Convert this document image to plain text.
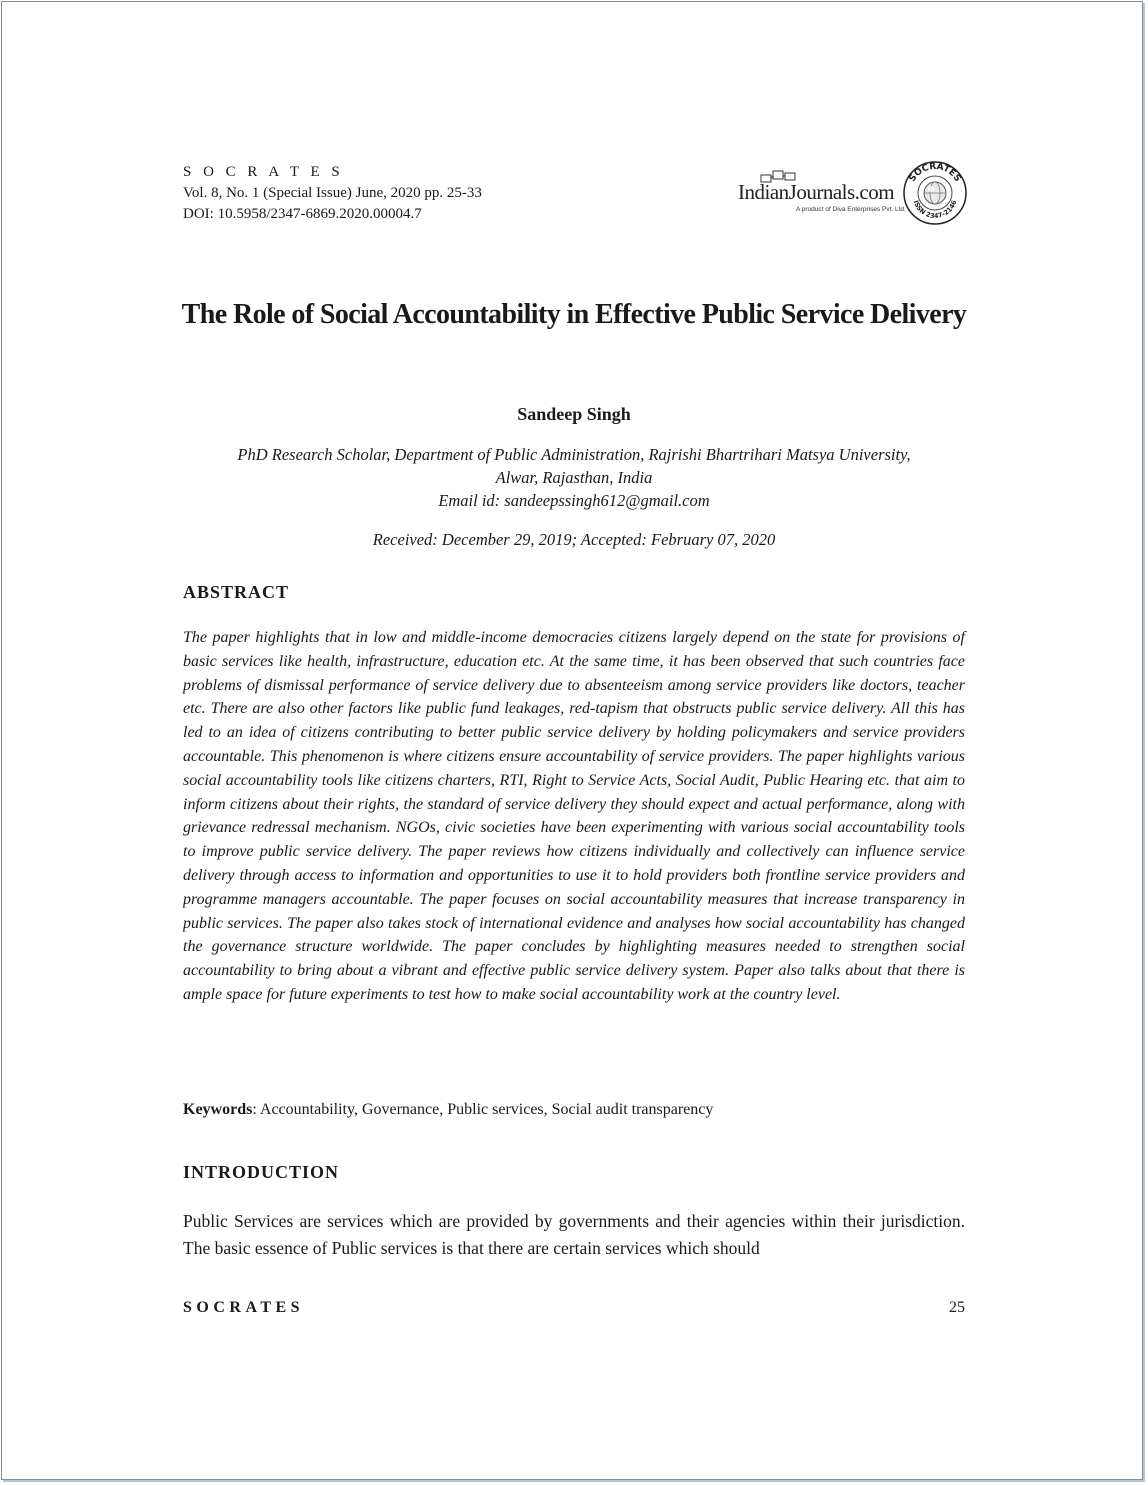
S O C R A T E S
Vol. 8, No. 1 (Special Issue) June, 2020 pp. 25-33
DOI: 10.5958/2347-6869.2020.00004.7
IndianJournals.com
A product of Diva Enterprises Pvt. Ltd.
SOCRATES
ISSN 2347-2146
The Role of Social Accountability in Effective Public Service Delivery
Sandeep Singh
PhD Research Scholar, Department of Public Administration, Rajrishi Bhartrihari Matsya University,
Alwar, Rajasthan, India
Email id: sandeepssingh612@gmail.com
Received: December 29, 2019; Accepted: February 07, 2020
ABSTRACT

The paper highlights that in low and middle-income democracies citizens largely depend on the state for provisions of basic services like health, infrastructure, education etc. At the same time, it has been observed that such countries face problems of dismissal performance of service delivery due to absenteeism among service providers like doctors, teacher etc. There are also other factors like public fund leakages, red-tapism that obstructs public service delivery. All this has led to an idea of citizens contributing to better public service delivery by holding policymakers and service providers accountable. This phenomenon is where citizens ensure accountability of service providers. The paper highlights various social accountability tools like citizens charters, RTI, Right to Service Acts, Social Audit, Public Hearing etc. that aim to inform citizens about their rights, the standard of service delivery they should expect and actual performance, along with grievance redressal mechanism. NGOs, civic societies have been experimenting with various social accountability tools to improve public service delivery. The paper reviews how citizens individually and collectively can influence service delivery through access to information and opportunities to use it to hold providers both frontline service providers and programme managers accountable. The paper focuses on social accountability measures that increase transparency in public services. The paper also takes stock of international evidence and analyses how social accountability has changed the governance structure worldwide. The paper concludes by highlighting measures needed to strengthen social accountability to bring about a vibrant and effective public service delivery system. Paper also talks about that there is ample space for future experiments to test how to make social accountability work at the country level.

Keywords: Accountability, Governance, Public services, Social audit transparency
INTRODUCTION

Public Services are services which are provided by governments and their agencies within their jurisdiction. The basic essence of Public services is that there are certain services which should

SOCRATES	25
